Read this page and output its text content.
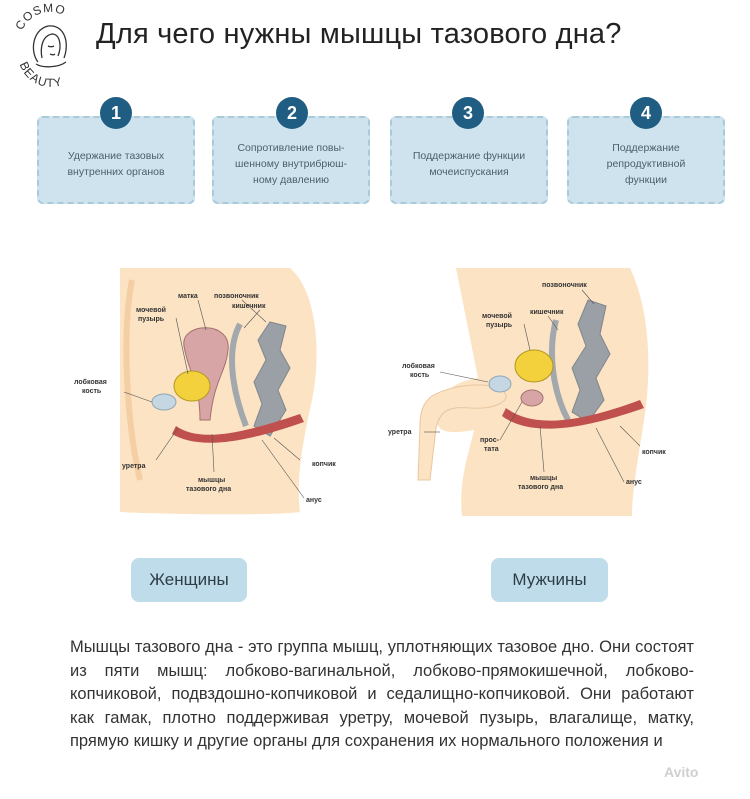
COSMO
BEAUTY
Для чего нужны мышцы тазового дна?
Удержание тазовых
внутренних органов
1
Сопротивление повы-
шенному внутрибрюш-
ному давлению
2
Поддержание функции
мочеиспускания
3
Поддержание
репродуктивной
функции
4
матка позвоночник
мочевой
пузырь
кишечник
лобковая
кость
уретра	копчик
мышцы
тазового дна
анус
позвоночник
мочевой
пузырь
кишечник
лобковая
кость
уретра
прос-
тата	копчик
мышцы
тазового дна
анус
Женщины	Мужчины

Мышцы тазового дна - это группа мышц, уплотняющих тазовое дно. Они состоят из пяти мышц: лобково-вагинальной, лобково-прямокишечной, лобково-копчиковой, подвздошно-копчиковой и седалищно-копчиковой. Они работают как гамак, плотно поддерживая уретру, мочевой пузырь, влагалище, матку, прямую кишку и другие органы для сохранения их нормального положения и

Avito
